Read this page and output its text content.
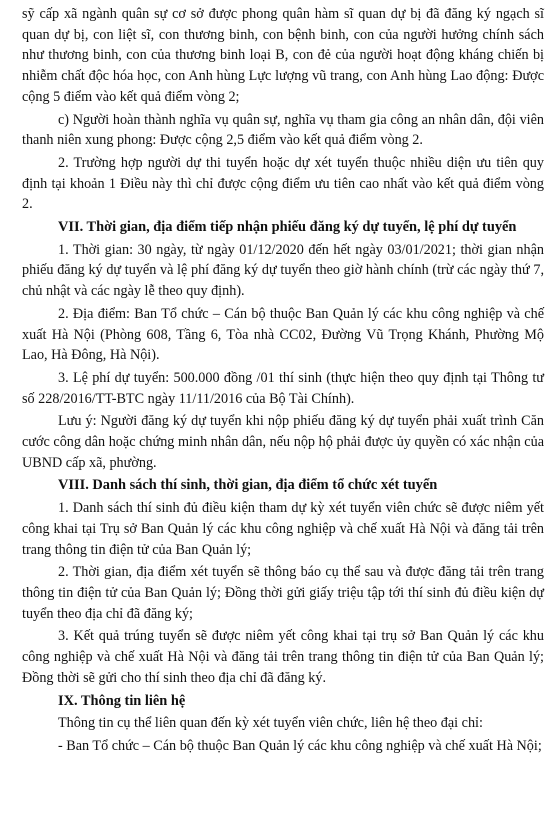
sỹ cấp xã ngành quân sự cơ sở được phong quân hàm sĩ quan dự bị đã đăng ký ngạch sĩ quan dự bị, con liệt sĩ, con thương binh, con bệnh binh, con của người hưởng chính sách như thương binh, con của thương binh loại B, con đẻ của người hoạt động kháng chiến bị nhiễm chất độc hóa học, con Anh hùng Lực lượng vũ trang, con Anh hùng Lao động: Được cộng 5 điểm vào kết quả điểm vòng 2;

c) Người hoàn thành nghĩa vụ quân sự, nghĩa vụ tham gia công an nhân dân, đội viên thanh niên xung phong: Được cộng 2,5 điểm vào kết quả điểm vòng 2.

2. Trường hợp người dự thi tuyển hoặc dự xét tuyển thuộc nhiều diện ưu tiên quy định tại khoản 1 Điều này thì chỉ được cộng điểm ưu tiên cao nhất vào kết quả điểm vòng 2.

VII. Thời gian, địa điểm tiếp nhận phiếu đăng ký dự tuyển, lệ phí dự tuyển

1. Thời gian: 30 ngày, từ ngày 01/12/2020 đến hết ngày 03/01/2021; thời gian nhận phiếu đăng ký dự tuyển và lệ phí đăng ký dự tuyển theo giờ hành chính (trừ các ngày thứ 7, chủ nhật và các ngày lễ theo quy định).

2. Địa điểm: Ban Tổ chức – Cán bộ thuộc Ban Quản lý các khu công nghiệp và chế xuất Hà Nội (Phòng 608, Tầng 6, Tòa nhà CC02, Đường Vũ Trọng Khánh, Phường Mộ Lao, Hà Đông, Hà Nội).

3. Lệ phí dự tuyển: 500.000 đồng /01 thí sinh (thực hiện theo quy định tại Thông tư số 228/2016/TT-BTC ngày 11/11/2016 của Bộ Tài Chính).

Lưu ý: Người đăng ký dự tuyển khi nộp phiếu đăng ký dự tuyển phải xuất trình Căn cước công dân hoặc chứng minh nhân dân, nếu nộp hộ phải được ủy quyền có xác nhận của UBND cấp xã, phường.

VIII. Danh sách thí sinh, thời gian, địa điểm tổ chức xét tuyển

1. Danh sách thí sinh đủ điều kiện tham dự kỳ xét tuyển viên chức sẽ được niêm yết công khai tại Trụ sở Ban Quản lý các khu công nghiệp và chế xuất Hà Nội và đăng tải trên trang thông tin điện tử của Ban Quản lý;

2. Thời gian, địa điểm xét tuyển sẽ thông báo cụ thể sau và được đăng tải trên trang thông tin điện tử của Ban Quản lý; Đồng thời gửi giấy triệu tập tới thí sinh đủ điều kiện dự tuyển theo địa chỉ đã đăng ký;

3. Kết quả trúng tuyển sẽ được niêm yết công khai tại trụ sở Ban Quản lý các khu công nghiệp và chế xuất Hà Nội và đăng tải trên trang thông tin điện tử của Ban Quản lý; Đồng thời sẽ gửi cho thí sinh theo địa chỉ đã đăng ký.

IX. Thông tin liên hệ

Thông tin cụ thể liên quan đến kỳ xét tuyển viên chức, liên hệ theo đại chỉ:

- Ban Tổ chức – Cán bộ thuộc Ban Quản lý các khu công nghiệp và chế xuất Hà Nội;
